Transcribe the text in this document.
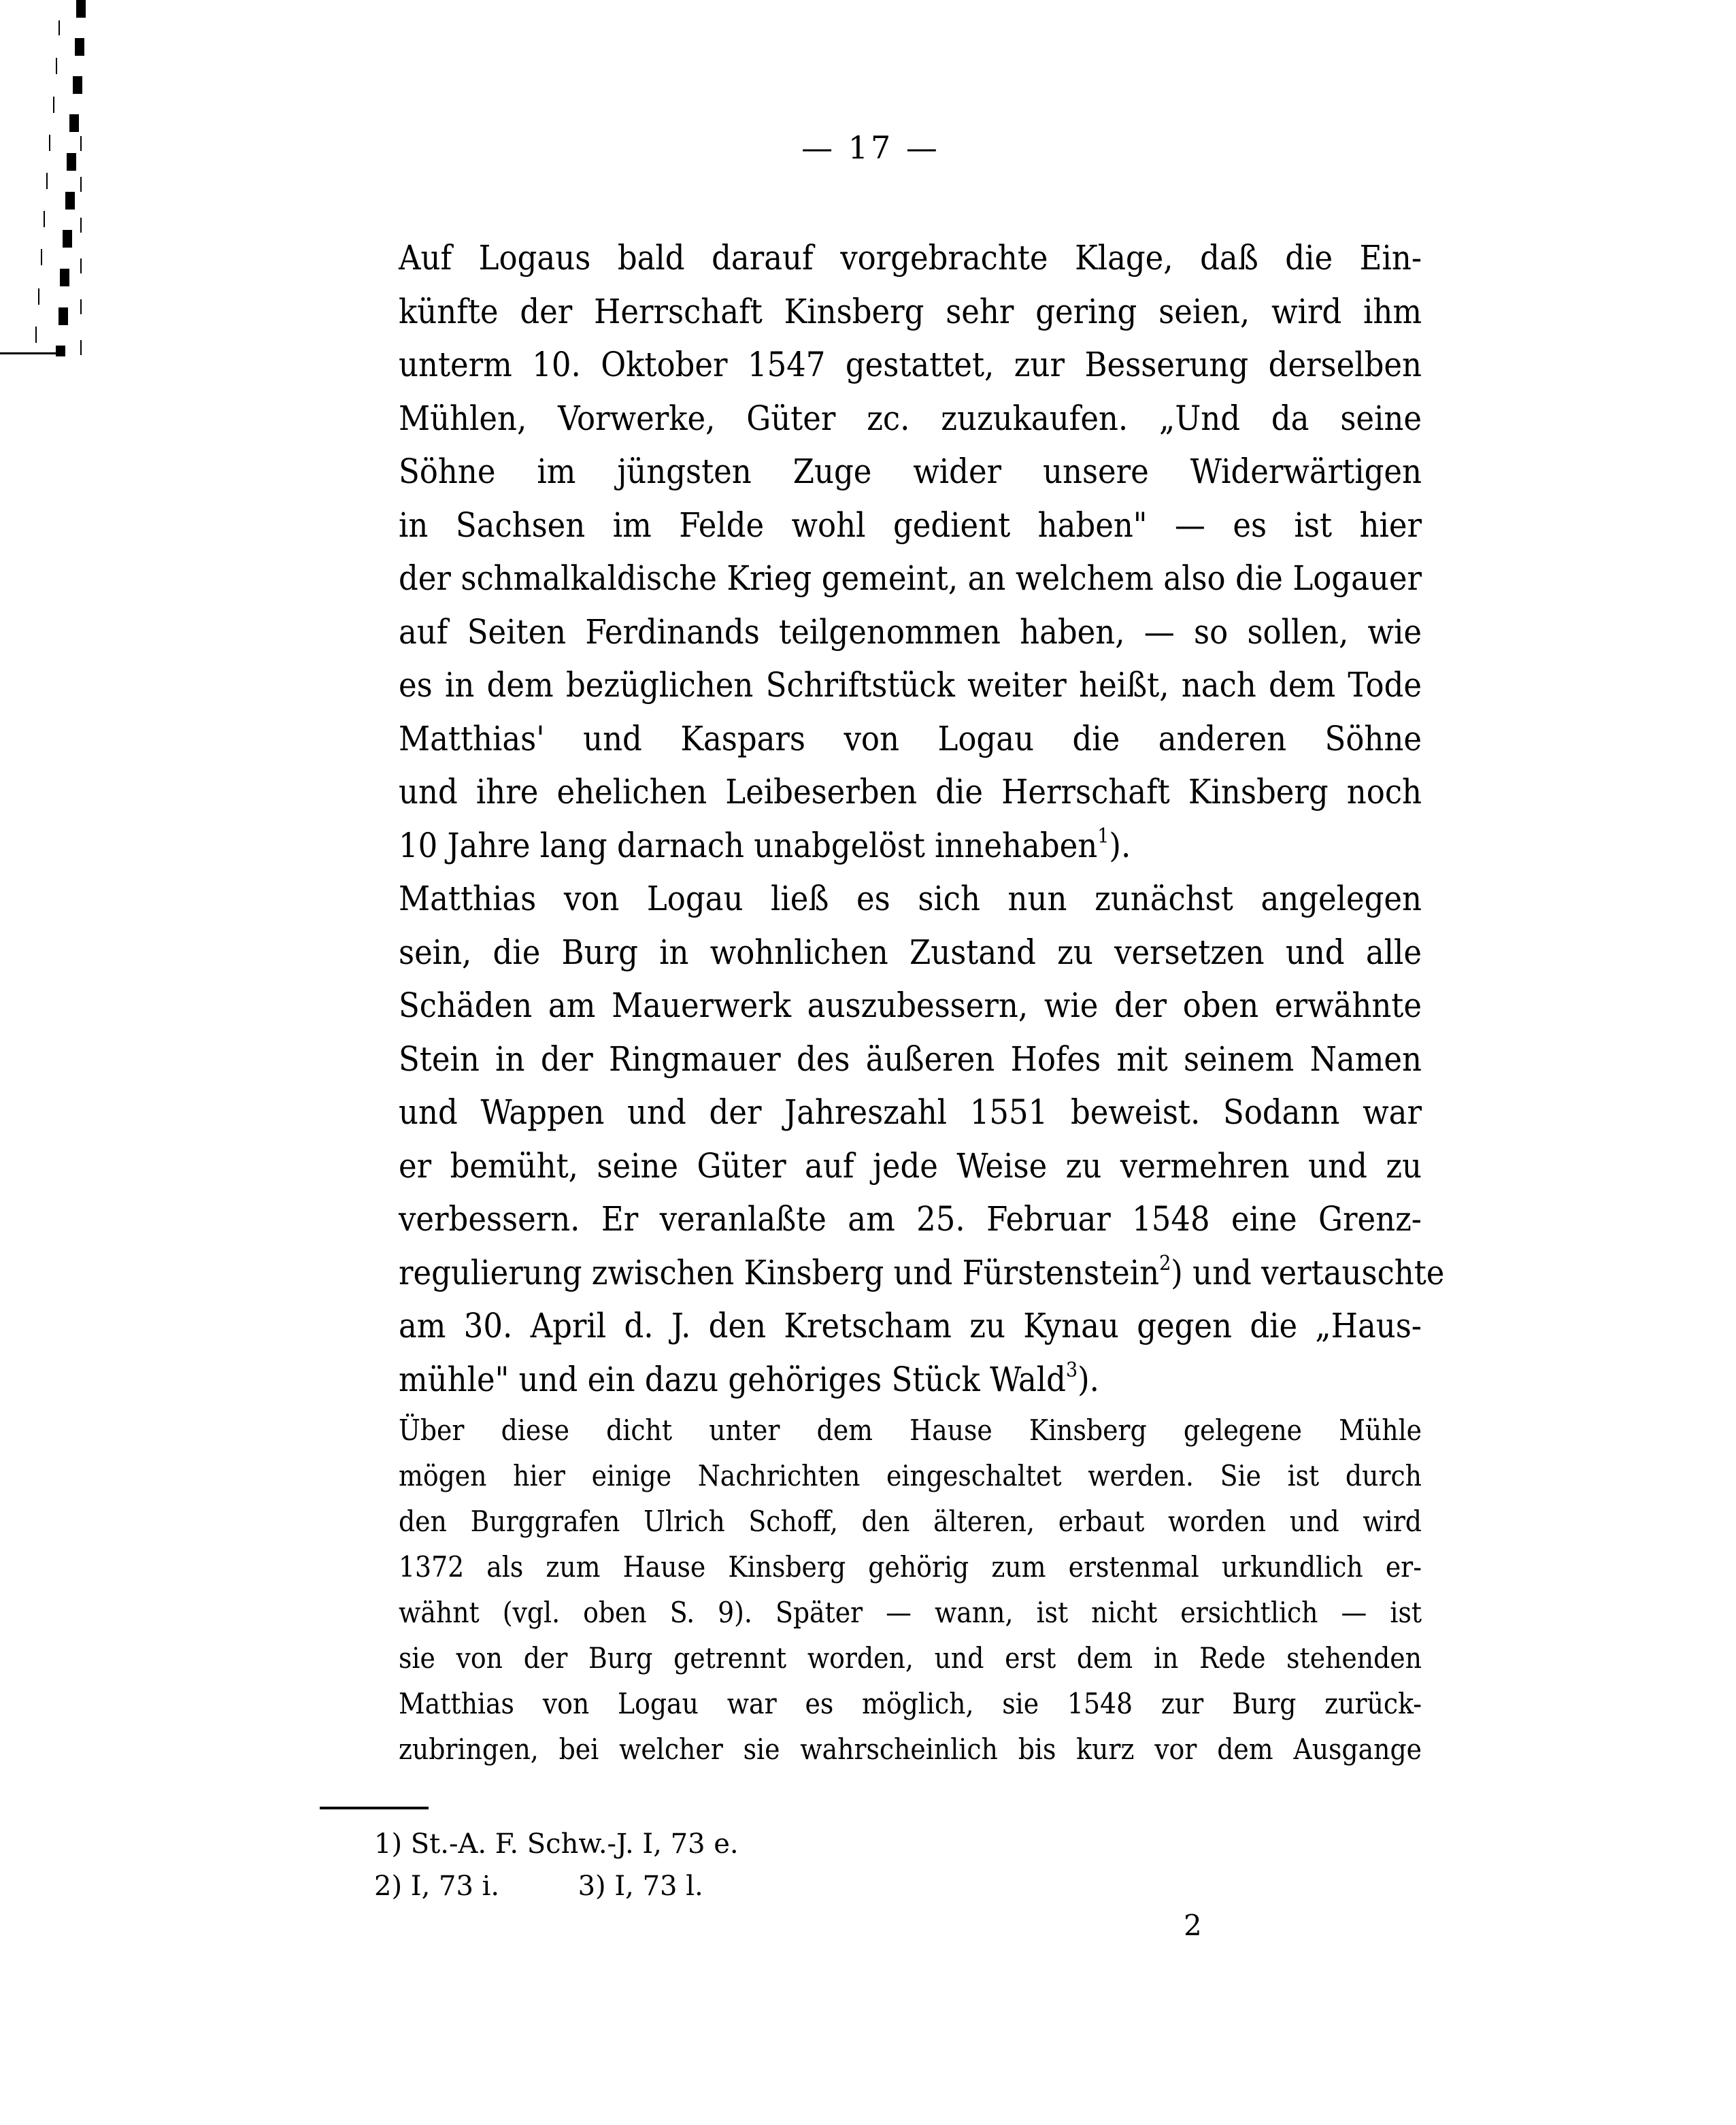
— 17 —

Auf Logaus bald darauf vorgebrachte Klage, daß die Ein-
künfte der Herrschaft Kinsberg sehr gering seien, wird ihm
unterm 10. Oktober 1547 gestattet, zur Besserung derselben
Mühlen, Vorwerke, Güter zc. zuzukaufen. „Und da seine
Söhne im jüngsten Zuge wider unsere Widerwärtigen
in Sachsen im Felde wohl gedient haben" — es ist hier
der schmalkaldische Krieg gemeint, an welchem also die Logauer
auf Seiten Ferdinands teilgenommen haben, — so sollen, wie
es in dem bezüglichen Schriftstück weiter heißt, nach dem Tode
Matthias' und Kaspars von Logau die anderen Söhne
und ihre ehelichen Leibeserben die Herrschaft Kinsberg noch
10 Jahre lang darnach unabgelöst innehaben$^1$).

Matthias von Logau ließ es sich nun zunächst angelegen
sein, die Burg in wohnlichen Zustand zu versetzen und alle
Schäden am Mauerwerk auszubessern, wie der oben erwähnte
Stein in der Ringmauer des äußeren Hofes mit seinem Namen
und Wappen und der Jahreszahl 1551 beweist. Sodann war
er bemüht, seine Güter auf jede Weise zu vermehren und zu
verbessern. Er veranlaßte am 25. Februar 1548 eine Grenz-
regulierung zwischen Kinsberg und Fürstenstein$^2$) und vertauschte
am 30. April d. J. den Kretscham zu Kynau gegen die „Haus-
mühle" und ein dazu gehöriges Stück Wald$^3$).

Über diese dicht unter dem Hause Kinsberg gelegene Mühle
mögen hier einige Nachrichten eingeschaltet werden. Sie ist durch
den Burggrafen Ulrich Schoff, den älteren, erbaut worden und wird
1372 als zum Hause Kinsberg gehörig zum erstenmal urkundlich er-
wähnt (vgl. oben S. 9). Später — wann, ist nicht ersichtlich — ist
sie von der Burg getrennt worden, und erst dem in Rede stehenden
Matthias von Logau war es möglich, sie 1548 zur Burg zurück-
zubringen, bei welcher sie wahrscheinlich bis kurz vor dem Ausgange

1) St.-A. F. Schw.-J. I, 73 e.
2) I, 73 i.	3) I, 73 l.
2
